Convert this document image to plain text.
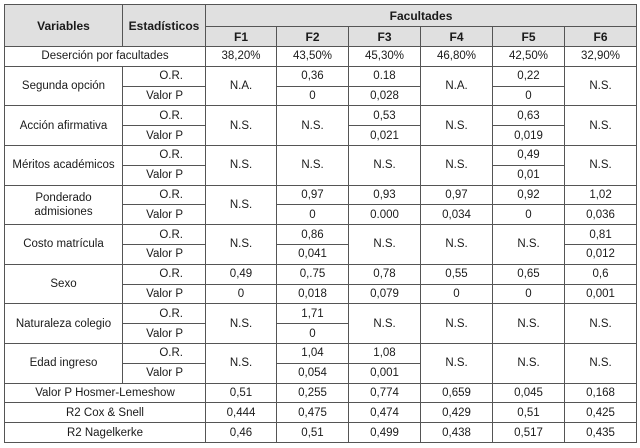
Variables	Estadísticos	Facultades					
		F1	F2	F3	F4	F5	F6
Deserción por facultades		38,20%	43,50%	45,30%	46,80%	42,50%	32,90%
Segunda opción	O.R.	N.A.	0,36	0.18	N.A.	0,22	N.S.
	Valor P		0	0,028		0	
Acción afirmativa	O.R.	N.S.	N.S.	0,53	N.S.	0,63	N.S.
	Valor P			0,021		0,019	
Méritos académicos	O.R.	N.S.	N.S.	N.S.	N.S.	0,49	N.S.
	Valor P					0,01	
Ponderado admisiones	O.R.	N.S.	0,97	0,93	0,97	0,92	1,02
	Valor P		0	0.000	0,034	0	0,036
Costo matrícula	O.R.	N.S.	0,86	N.S.	N.S.	N.S.	0,81
	Valor P		0,041				0,012
Sexo	O.R.	0,49	0,.75	0,78	0,55	0,65	0,6
	Valor P	0	0,018	0,079	0	0	0,001
Naturaleza colegio	O.R.	N.S.	1,71	N.S.	N.S.	N.S.	N.S.
	Valor P		0				
Edad ingreso	O.R.	N.S.	1,04	1,08	N.S.	N.S.	N.S.
	Valor P		0,054	0,001			
Valor P Hosmer-Lemeshow		0,51	0,255	0,774	0,659	0,045	0,168
R2 Cox & Snell		0,444	0,475	0,474	0,429	0,51	0,425
R2 Nagelkerke		0,46	0,51	0,499	0,438	0,517	0,435
